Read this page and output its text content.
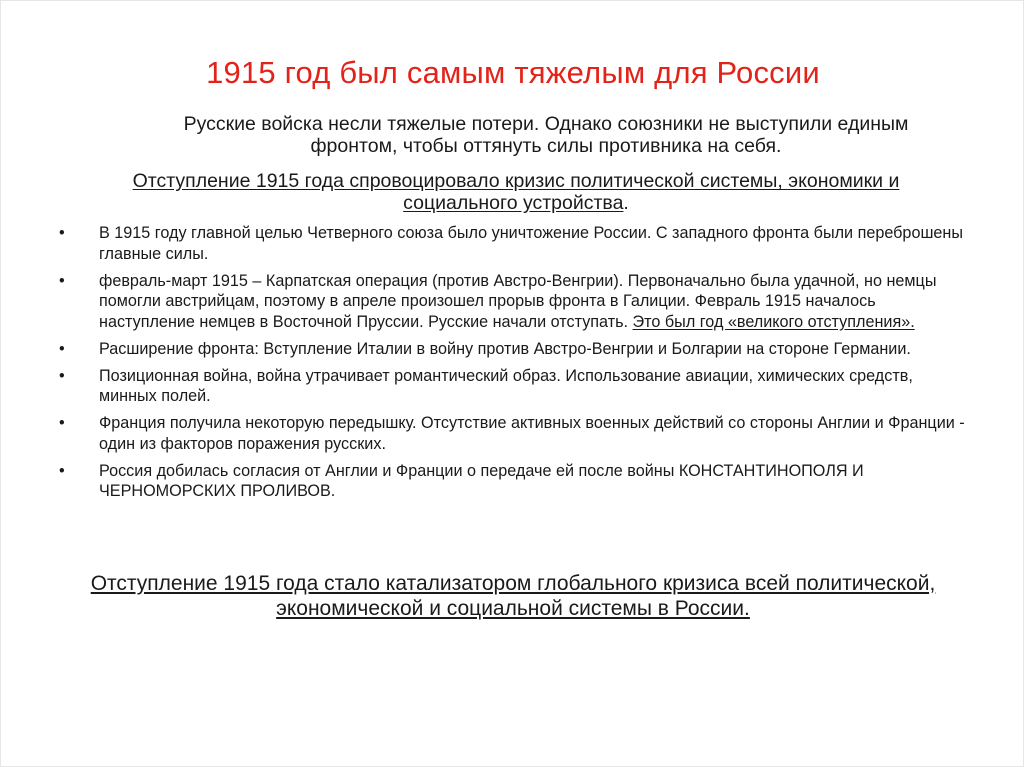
1915 год был самым тяжелым для России
Русские войска несли тяжелые потери. Однако союзники не выступили единым фронтом, чтобы оттянуть силы противника на себя.
Отступление 1915 года спровоцировало кризис политической системы, экономики и социального устройства.
•	В 1915 году главной целью Четверного союза было уничтожение России. С западного фронта были переброшены главные силы.
•	февраль-март 1915 – Карпатская операция (против Австро-Венгрии). Первоначально была удачной, но немцы помогли австрийцам, поэтому в апреле произошел прорыв фронта в Галиции. Февраль 1915 началось наступление немцев в Восточной Пруссии. Русские начали отступать. Это был год «великого отступления».
•	Расширение фронта: Вступление Италии в войну против Австро-Венгрии и Болгарии на стороне Германии.
•	Позиционная война, война утрачивает романтический образ. Использование авиации, химических средств, минных полей.
•	Франция получила некоторую передышку. Отсутствие активных военных действий со стороны Англии и Франции - один из факторов поражения русских.
•	Россия добилась согласия от Англии и Франции о передаче ей после войны КОНСТАНТИНОПОЛЯ И ЧЕРНОМОРСКИХ ПРОЛИВОВ.
Отступление 1915 года стало катализатором глобального кризиса всей политической, экономической и социальной системы в России.
